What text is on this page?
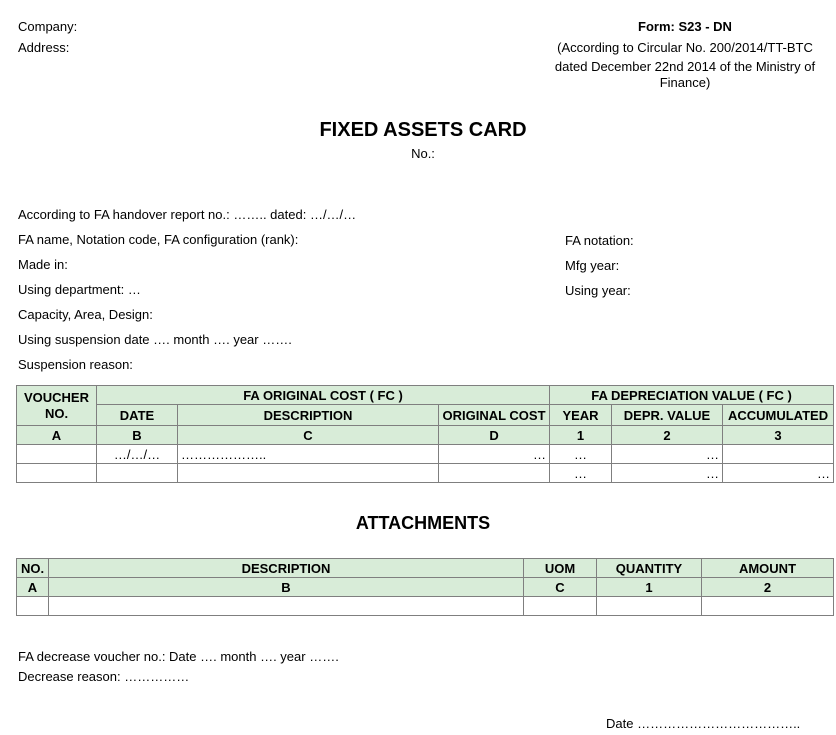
Company:
Address:
Form: S23 - DN
(According to Circular No. 200/2014/TT-BTC
dated December 22nd 2014 of the Ministry of
Finance)
FIXED ASSETS CARD
No.:
According to FA handover report no.: …….. dated: …/…/…
FA name, Notation code, FA configuration (rank):
Made in:
Using department: …
Capacity, Area, Design:
Using suspension date …. month …. year …….
Suspension reason:
FA notation:
Mfg year:
Using year:
VOUCHER NO.	FA ORIGINAL COST ( FC )			FA DEPRECIATION VALUE ( FC )		
	DATE	DESCRIPTION	ORIGINAL COST	YEAR	DEPR. VALUE	ACCUMULATED
A	B	C	D	1	2	3
	…/…/…	………………..	…	…	…	
				…	…	…
ATTACHMENTS
NO.	DESCRIPTION	UOM	QUANTITY	AMOUNT
A	B	C	1	2

FA decrease voucher no.: Date …. month …. year …….
Decrease reason: ……………
Date ………………………………..
